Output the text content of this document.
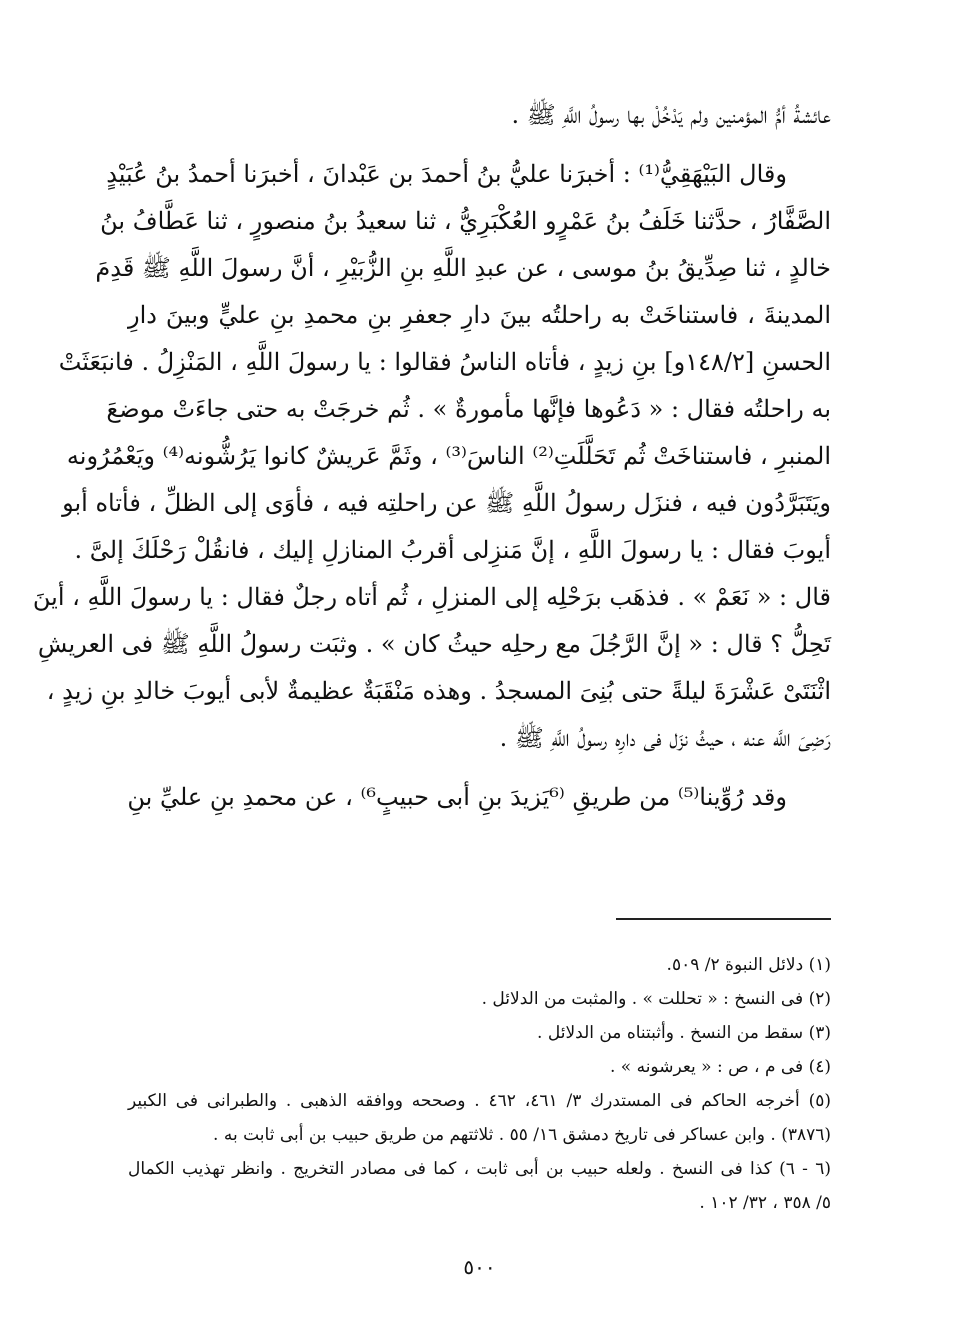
عائشةُ أمُّ المؤمنين ولم يَدْخُلْ بها رسولُ اللَّهِ ﷺ .
وقال البَيْهَقِيُّ⁽¹⁾ : أخبرَنا عليُّ بنُ أحمدَ بن عَبْدانَ ، أخبرَنا أحمدُ بنُ عُبَيْدٍ
الصَّفَّارُ ، حدَّثنا خَلَفُ بنُ عَمْرٍو العُكْبَرِيُّ ، ثنا سعيدُ بنُ منصورٍ ، ثنا عَطَّافُ بنُ
خالدٍ ، ثنا صِدِّيقُ بنُ موسى ، عن عبدِ اللَّهِ بنِ الزُّبَيْرِ ، أنَّ رسولَ اللَّهِ ﷺ قَدِمَ
المدينةَ ، فاستناخَتْ به راحلتُه بينَ دارِ جعفرِ بنِ محمدِ بنِ عليٍّ وبينَ دارِ
الحسنِ [١٤٨/٢و] بنِ زيدٍ ، فأتاه الناسُ فقالوا : يا رسولَ اللَّهِ ، المَنْزِلُ . فانبَعَثَتْ
به راحلتُه فقال : « دَعُوها فإنَّها مأمورةٌ » . ثُم خرجَتْ به حتى جاءَتْ موضعَ
المنبرِ ، فاستناخَتْ ثُم تَحَلَّلَتِ⁽²⁾ الناسَ⁽³⁾ ، وثَمَّ عَريشٌ كانوا يَرُشُّونه⁽⁴⁾ ويَعْمُرُونه
ويَتَبَرَّدُون فيه ، فنزَل رسولُ اللَّهِ ﷺ عن راحلتِه فيه ، فأوَى إلى الظلِّ ، فأتاه أبو
أيوبَ فقال : يا رسولَ اللَّهِ ، إنَّ مَنزِلى أقربُ المنازلِ إليك ، فانقُلْ رَحْلَكَ إلىَّ .
قال : « نَعَمْ » . فذهَب برَحْلِه إلى المنزلِ ، ثُم أتاه رجلٌ فقال : يا رسولَ اللَّهِ ، أينَ
تَحِلُّ ؟ قال : « إنَّ الرَّجُلَ مع رحلِه حيثُ كان » . وثبَت رسولُ اللَّهِ ﷺ فى العريشِ
اثْنَتَىْ عَشْرَةَ ليلةً حتى بُنِىَ المسجدُ . وهذه مَنْقَبَةٌ عظيمةٌ لأبى أيوبَ خالدِ بنِ زيدٍ ،
رَضِىَ اللَّه عنه ، حيثُ نزَل فى دارِه رسولُ اللَّهِ ﷺ .
وقد رُوِّينا⁽⁵⁾ من طريقِ ⁽⁶يَزيدَ بنِ أبى حبيبٍ⁶⁾ ، عن محمدِ بنِ عليِّ بنِ
(١) دلائل النبوة ٢/ ٥٠٩.
(٢) فى النسخ : « تحللت » . والمثبت من الدلائل .
(٣) سقط من النسخ . وأثبتناه من الدلائل .
(٤) فى م ، ص : « يعرشونه » .
(٥) أخرجه الحاكم فى المستدرك ٣/ ٤٦١، ٤٦٢ . وصححه ووافقه الذهبى . والطبرانى فى الكبير
(٣٨٧٦) . وابن عساكر فى تاريخ دمشق ١٦/ ٥٥ . ثلاثتهم من طريق حبيب بن أبى ثابت به .
(٦ - ٦) كذا فى النسخ . ولعله حبيب بن أبى ثابت ، كما فى مصادر التخريج . وانظر تهذيب الكمال
٥/ ٣٥٨ ، ٣٢/ ١٠٢ .
٥٠٠
